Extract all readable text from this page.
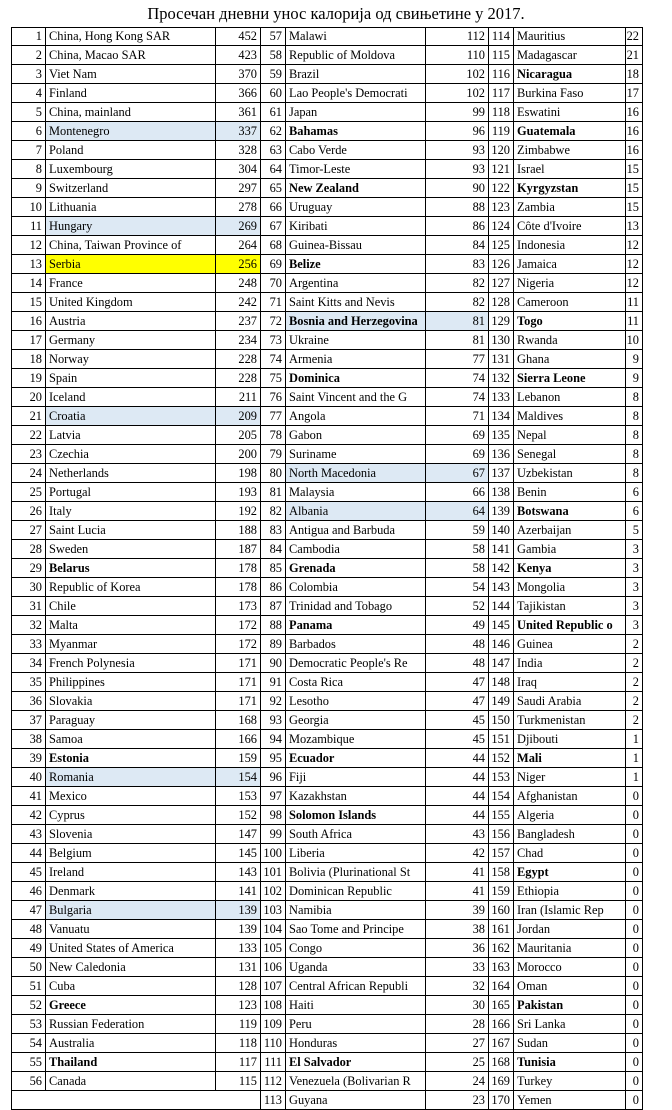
Просечан дневни унос калорија од свињетине у 2017.
1 China, Hong Kong SAR	452
2 China, Macao SAR	423
3 Viet Nam	370
4 Finland	366
5 China, mainland	361
6 Montenegro	337
7 Poland	328
8 Luxembourg	304
9 Switzerland	297
10 Lithuania	278
11 Hungary	269
12 China, Taiwan Province of	264
13 Serbia	256
14 France	248
15 United Kingdom	242
16 Austria	237
17 Germany	234
18 Norway	228
19 Spain	228
20 Iceland	211
21 Croatia	209
22 Latvia	205
23 Czechia	200
24 Netherlands	198
25 Portugal	193
26 Italy	192
27 Saint Lucia	188
28 Sweden	187
29 Belarus	178
30 Republic of Korea	178
31 Chile	173
32 Malta	172
33 Myanmar	172
34 French Polynesia	171
35 Philippines	171
36 Slovakia	171
37 Paraguay	168
38 Samoa	166
39 Estonia	159
40 Romania	154
41 Mexico	153
42 Cyprus	152
43 Slovenia	147
44 Belgium	145
45 Ireland	143
46 Denmark	141
47 Bulgaria	139
48 Vanuatu	139
49 United States of America	133
50 New Caledonia	131
51 Cuba	128
52 Greece	123
53 Russian Federation	119
54 Australia	118
55 Thailand	117
56 Canada	115
57 Malawi	112
58 Republic of Moldova	110
59 Brazil	102
60 Lao People's Democrati	102
61 Japan	99
62 Bahamas	96
63 Cabo Verde	93
64 Timor-Leste	93
65 New Zealand	90
66 Uruguay	88
67 Kiribati	86
68 Guinea-Bissau	84
69 Belize	83
70 Argentina	82
71 Saint Kitts and Nevis	82
72 Bosnia and Herzegovina	81
73 Ukraine	81
74 Armenia	77
75 Dominica	74
76 Saint Vincent and the G	74
77 Angola	71
78 Gabon	69
79 Suriname	69
80 North Macedonia	67
81 Malaysia	66
82 Albania	64
83 Antigua and Barbuda	59
84 Cambodia	58
85 Grenada	58
86 Colombia	54
87 Trinidad and Tobago	52
88 Panama	49
89 Barbados	48
90 Democratic People's Re	48
91 Costa Rica	47
92 Lesotho	47
93 Georgia	45
94 Mozambique	45
95 Ecuador	44
96 Fiji	44
97 Kazakhstan	44
98 Solomon Islands	44
99 South Africa	43
100 Liberia	42
101 Bolivia (Plurinational St	41
102 Dominican Republic	41
103 Namibia	39
104 Sao Tome and Principe	38
105 Congo	36
106 Uganda	33
107 Central African Republi	32
108 Haiti	30
109 Peru	28
110 Honduras	27
111 El Salvador	25
112 Venezuela (Bolivarian R	24
113 Guyana	23
114 Mauritius	22
115 Madagascar	21
116 Nicaragua	18
117 Burkina Faso	17
118 Eswatini	16
119 Guatemala	16
120 Zimbabwe	16
121 Israel	15
122 Kyrgyzstan	15
123 Zambia	15
124 Côte d'Ivoire	13
125 Indonesia	12
126 Jamaica	12
127 Nigeria	12
128 Cameroon	11
129 Togo	11
130 Rwanda	10
131 Ghana	9
132 Sierra Leone	9
133 Lebanon	8
134 Maldives	8
135 Nepal	8
136 Senegal	8
137 Uzbekistan	8
138 Benin	6
139 Botswana	6
140 Azerbaijan	5
141 Gambia	3
142 Kenya	3
143 Mongolia	3
144 Tajikistan	3
145 United Republic o	3
146 Guinea	2
147 India	2
148 Iraq	2
149 Saudi Arabia	2
150 Turkmenistan	2
151 Djibouti	1
152 Mali	1
153 Niger	1
154 Afghanistan	0
155 Algeria	0
156 Bangladesh	0
157 Chad	0
158 Egypt	0
159 Ethiopia	0
160 Iran (Islamic Rep	0
161 Jordan	0
162 Mauritania	0
163 Morocco	0
164 Oman	0
165 Pakistan	0
166 Sri Lanka	0
167 Sudan	0
168 Tunisia	0
169 Turkey	0
170 Yemen	0
